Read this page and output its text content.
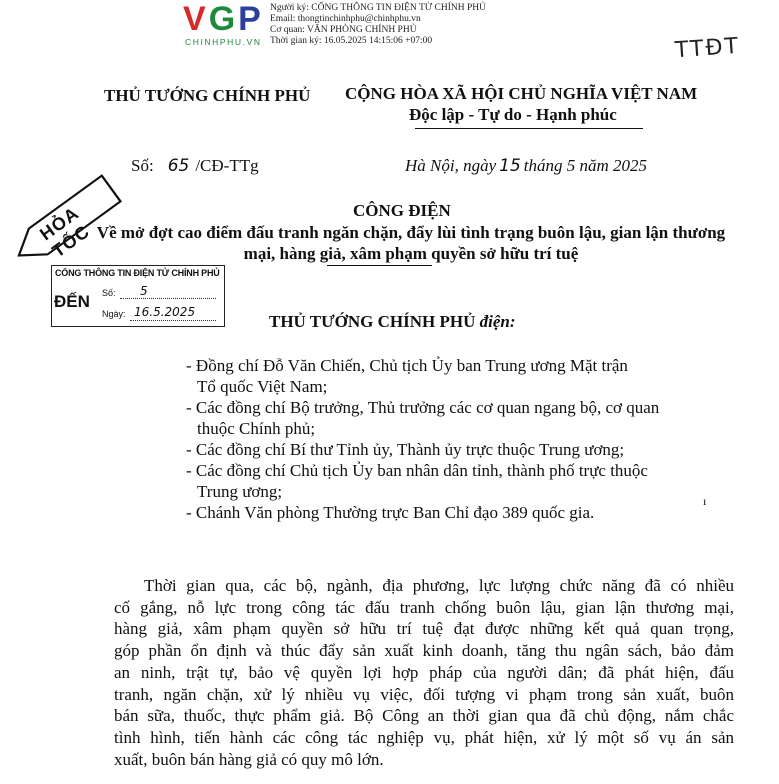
VGP
CHINHPHU.VN
Người ký: CỔNG THÔNG TIN ĐIỆN TỬ CHÍNH PHỦ
Email: thongtinchinhphu@chinhphu.vn
Cơ quan: VĂN PHÒNG CHÍNH PHỦ
Thời gian ký: 16.05.2025 14:15:06 +07:00	TTĐT
THỦ TƯỚNG CHÍNH PHỦ CỘNG HÒA XÃ HỘI CHỦ NGHĨA VIỆT NAM
Độc lập - Tự do - Hạnh phúc
Số: 65 /CĐ-TTg	Hà Nội, ngày 15 tháng 5 năm 2025
HỎA TỐC
CÔNG ĐIỆN
Về mở đợt cao điểm đấu tranh ngăn chặn, đẩy lùi tình trạng buôn lậu, gian lận thương mại, hàng giả, xâm phạm quyền sở hữu trí tuệ
CỔNG THÔNG TIN ĐIỆN TỬ CHÍNH PHỦ
ĐẾN Số: 5
Ngày: 16.5.2025	THỦ TƯỚNG CHÍNH PHỦ điện:
- Đồng chí Đỗ Văn Chiến, Chủ tịch Ủy ban Trung ương Mặt trận
Tổ quốc Việt Nam;
- Các đồng chí Bộ trưởng, Thủ trưởng các cơ quan ngang bộ, cơ quan
thuộc Chính phủ;
- Các đồng chí Bí thư Tỉnh ủy, Thành ủy trực thuộc Trung ương;
- Các đồng chí Chủ tịch Ủy ban nhân dân tỉnh, thành phố trực thuộc
Trung ương;
- Chánh Văn phòng Thường trực Ban Chỉ đạo 389 quốc gia.
ı
Thời gian qua, các bộ, ngành, địa phương, lực lượng chức năng đã có nhiều
cố gắng, nỗ lực trong công tác đấu tranh chống buôn lậu, gian lận thương mại,
hàng giả, xâm phạm quyền sở hữu trí tuệ đạt được những kết quả quan trọng,
góp phần ổn định và thúc đẩy sản xuất kinh doanh, tăng thu ngân sách, bảo đảm
an ninh, trật tự, bảo vệ quyền lợi hợp pháp của người dân; đã phát hiện, đấu
tranh, ngăn chặn, xử lý nhiều vụ việc, đối tượng vi phạm trong sản xuất, buôn
bán sữa, thuốc, thực phẩm giả. Bộ Công an thời gian qua đã chủ động, nắm chắc
tình hình, tiến hành các công tác nghiệp vụ, phát hiện, xử lý một số vụ án sản
xuất, buôn bán hàng giả có quy mô lớn.
